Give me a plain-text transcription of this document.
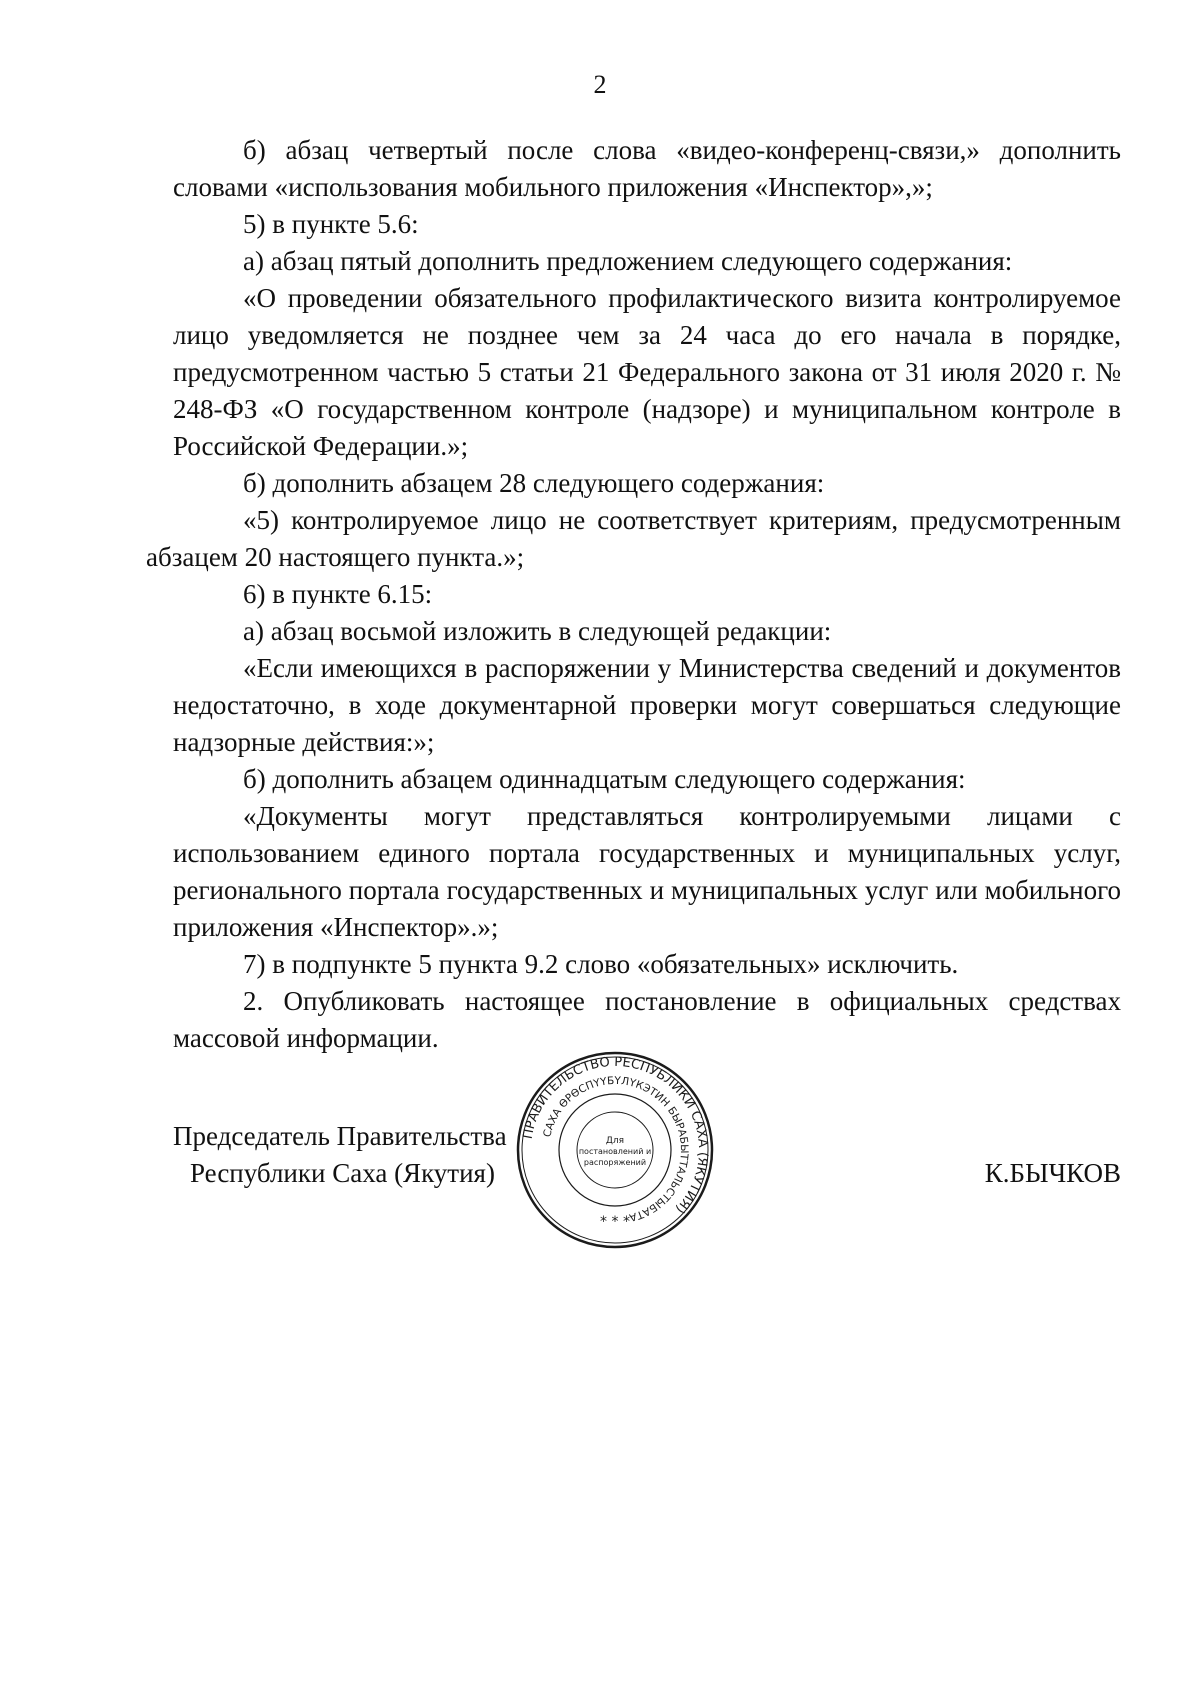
2

б) абзац четвертый после слова «видео-конференц-связи,» дополнить словами «использования мобильного приложения «Инспектор»,»;

5) в пункте 5.6:

а) абзац пятый дополнить предложением следующего содержания:

«О проведении обязательного профилактического визита контролируемое лицо уведомляется не позднее чем за 24 часа до его начала в порядке, предусмотренном частью 5 статьи 21 Федерального закона от 31 июля 2020 г. № 248-ФЗ «О государственном контроле (надзоре) и муниципальном контроле в Российской Федерации.»;

б) дополнить абзацем 28 следующего содержания:

«5) контролируемое лицо не соответствует критериям, предусмотренным абзацем 20 настоящего пункта.»;

6) в пункте 6.15:

а) абзац восьмой изложить в следующей редакции:

«Если имеющихся в распоряжении у Министерства сведений и документов недостаточно, в ходе документарной проверки могут совершаться следующие надзорные действия:»;

б) дополнить абзацем одиннадцатым следующего содержания:

«Документы могут представляться контролируемыми лицами с использованием единого портала государственных и муниципальных услуг, регионального портала государственных и муниципальных услуг или мобильного приложения «Инспектор».»;

7) в подпункте 5 пункта 9.2 слово «обязательных» исключить.

2. Опубликовать настоящее постановление в официальных средствах массовой информации.

Председатель Правительства
Республики Саха (Якутия)	К.БЫЧКОВ
ПРАВИТЕЛЬСТВО РЕСПУБЛИКИ САХА (ЯКУТИЯ)
САХА ӨРӨСПҮҮБҮЛҮКЭТИН БЫРАБЫТТАЛЬСТЫБАТА
Для
постановлений и
распоряжений
* * *
